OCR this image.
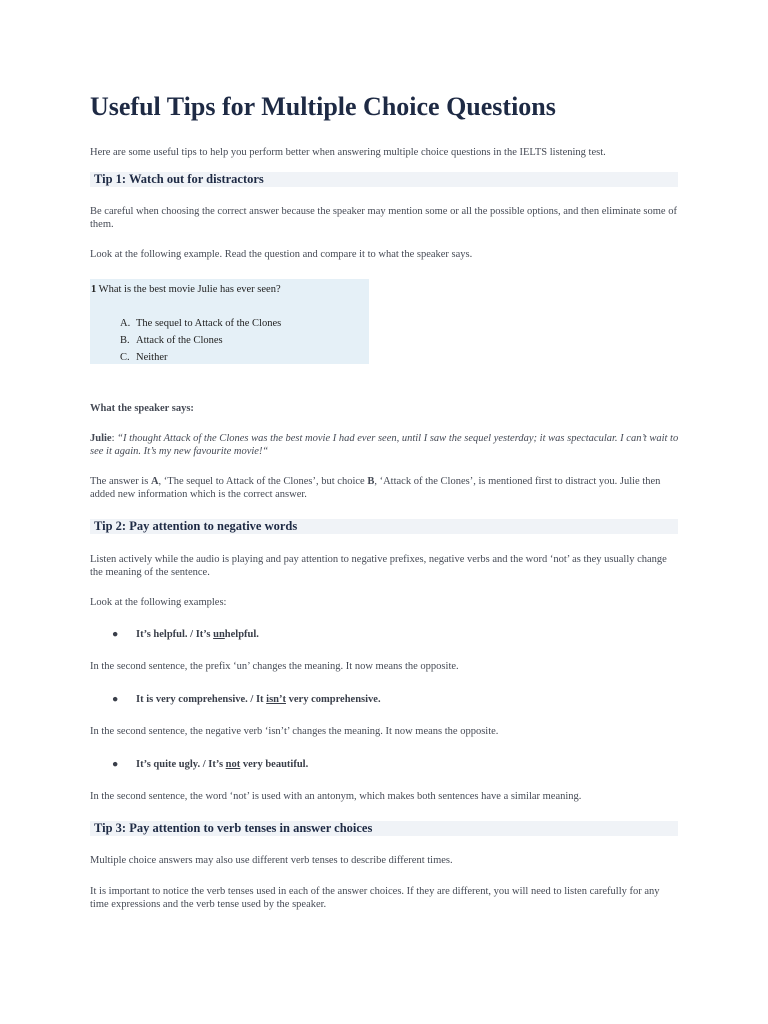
Useful Tips for Multiple Choice Questions

Here are some useful tips to help you perform better when answering multiple choice questions in the IELTS listening test.

Tip 1: Watch out for distractors

Be careful when choosing the correct answer because the speaker may mention some or all the possible options, and then eliminate some of them.

Look at the following example. Read the question and compare it to what the speaker says.

1 What is the best movie Julie has ever seen?
A. The sequel to Attack of the Clones
B. Attack of the Clones
C. Neither

What the speaker says:

Julie: “I thought Attack of the Clones was the best movie I had ever seen, until I saw the sequel yesterday; it was spectacular. I can’t wait to see it again. It’s my new favourite movie!“

The answer is A, ‘The sequel to Attack of the Clones’, but choice B, ‘Attack of the Clones’, is mentioned first to distract you. Julie then added new information which is the correct answer.

Tip 2: Pay attention to negative words

Listen actively while the audio is playing and pay attention to negative prefixes, negative verbs and the word ‘not’ as they usually change the meaning of the sentence.

Look at the following examples:

● It’s helpful. / It’s unhelpful.

In the second sentence, the prefix ‘un’ changes the meaning. It now means the opposite.

● It is very comprehensive. / It isn’t very comprehensive.

In the second sentence, the negative verb ‘isn’t’ changes the meaning. It now means the opposite.

● It’s quite ugly. / It’s not very beautiful.

In the second sentence, the word ‘not’ is used with an antonym, which makes both sentences have a similar meaning.

Tip 3: Pay attention to verb tenses in answer choices

Multiple choice answers may also use different verb tenses to describe different times.

It is important to notice the verb tenses used in each of the answer choices. If they are different, you will need to listen carefully for any time expressions and the verb tense used by the speaker.
